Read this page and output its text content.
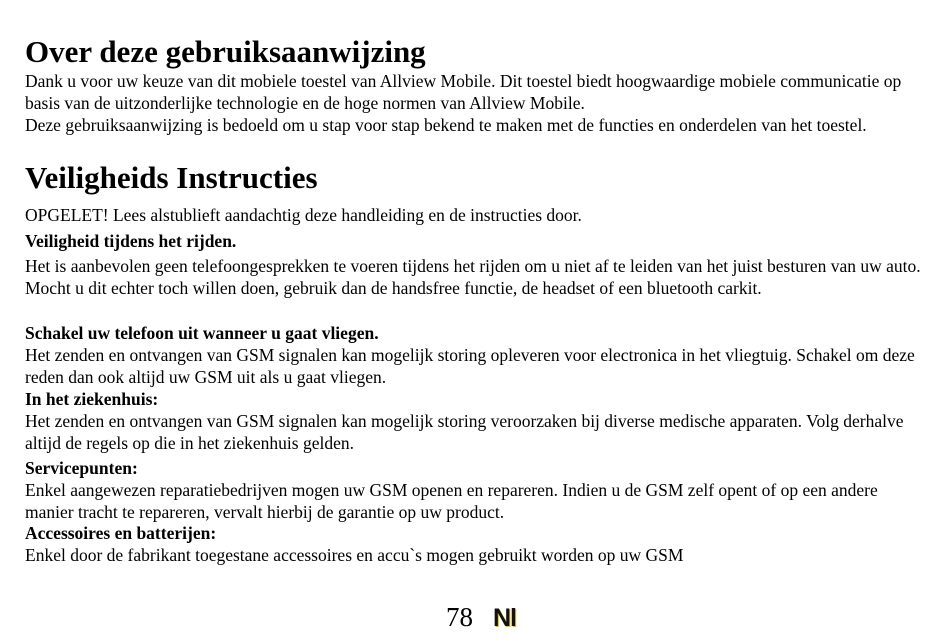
Over deze gebruiksaanwijzing

Dank u voor uw keuze van dit mobiele toestel van Allview Mobile. Dit toestel biedt hoogwaardige mobiele communicatie op basis van de uitzonderlijke technologie en de hoge normen van Allview Mobile.

Deze gebruiksaanwijzing is bedoeld om u stap voor stap bekend te maken met de functies en onderdelen van het toestel.

Veiligheids Instructies

OPGELET! Lees alstublieft aandachtig deze handleiding en de instructies door.

Veiligheid tijdens het rijden.

Het is aanbevolen geen telefoongesprekken te voeren tijdens het rijden om u niet af te leiden van het juist besturen van uw auto. Mocht u dit echter toch willen doen, gebruik dan de handsfree functie, de headset of een bluetooth carkit.

Schakel uw telefoon uit wanneer u gaat vliegen.

Het zenden en ontvangen van GSM signalen kan mogelijk storing opleveren voor electronica in het vliegtuig. Schakel om deze reden dan ook altijd uw GSM uit als u gaat vliegen.

In het ziekenhuis:

Het zenden en ontvangen van GSM signalen kan mogelijk storing veroorzaken bij diverse medische apparaten. Volg derhalve altijd de regels op die in het ziekenhuis gelden.

Servicepunten:

Enkel aangewezen reparatiebedrijven mogen uw GSM openen en repareren. Indien u de GSM zelf opent of op een andere manier tracht te repareren, vervalt hierbij de garantie op uw product.

Accessoires en batterijen:

Enkel door de fabrikant toegestane accessoires en accu`s mogen gebruikt worden op uw GSM

78 Nl
